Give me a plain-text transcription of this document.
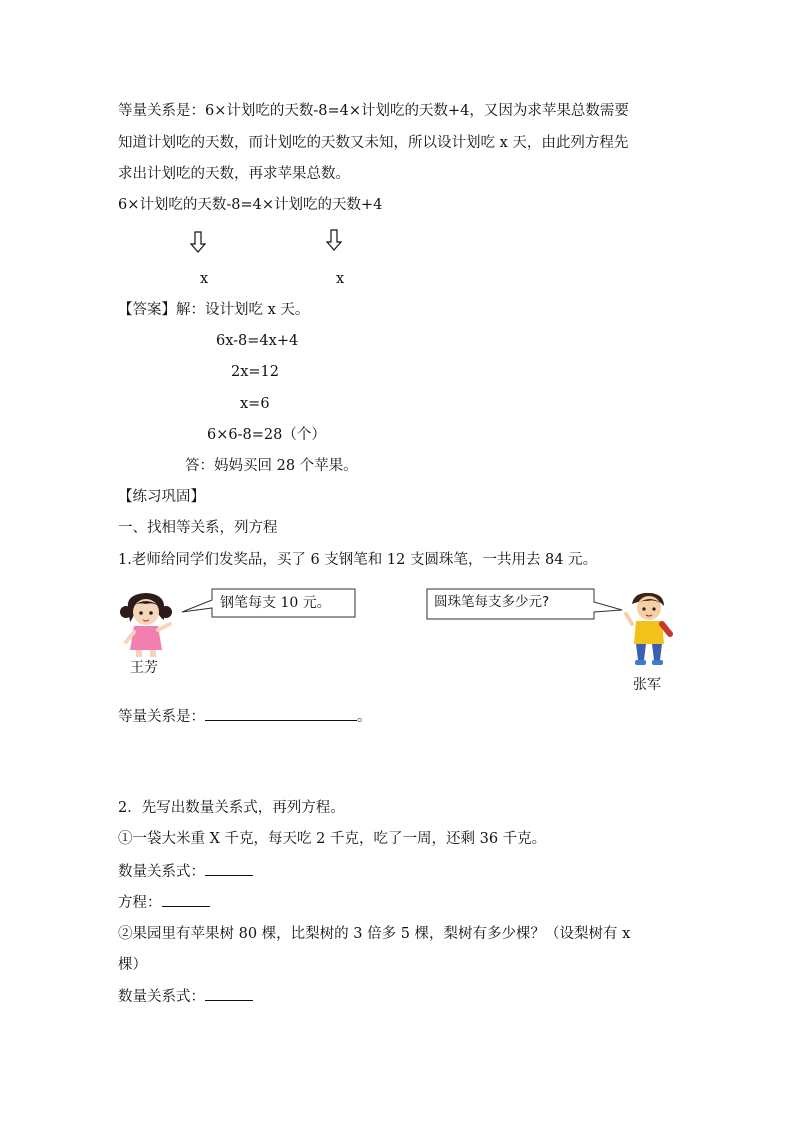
等量关系是：6×计划吃的天数-8=4×计划吃的天数+4，又因为求苹果总数需要
知道计划吃的天数，而计划吃的天数又未知，所以设计划吃 x 天，由此列方程先
求出计划吃的天数，再求苹果总数。
6×计划吃的天数-8=4×计划吃的天数+4
x	x
【答案】解：设计划吃 x 天。
6x-8=4x+4
2x=12
x=6
6×6-8=28（个）
答：妈妈买回 28 个苹果。
【练习巩固】
一、找相等关系，列方程
1.老师给同学们发奖品，买了 6 支钢笔和 12 支圆珠笔，一共用去 84 元。
王芳
钢笔每支 10 元。	圆珠笔每支多少元?
张军
等量关系是：	。
2．先写出数量关系式，再列方程。
①一袋大米重 X 千克，每天吃 2 千克，吃了一周，还剩 36 千克。
数量关系式：
方程：
②果园里有苹果树 80 棵，比梨树的 3 倍多 5 棵，梨树有多少棵？（设梨树有 x
棵）
数量关系式：
